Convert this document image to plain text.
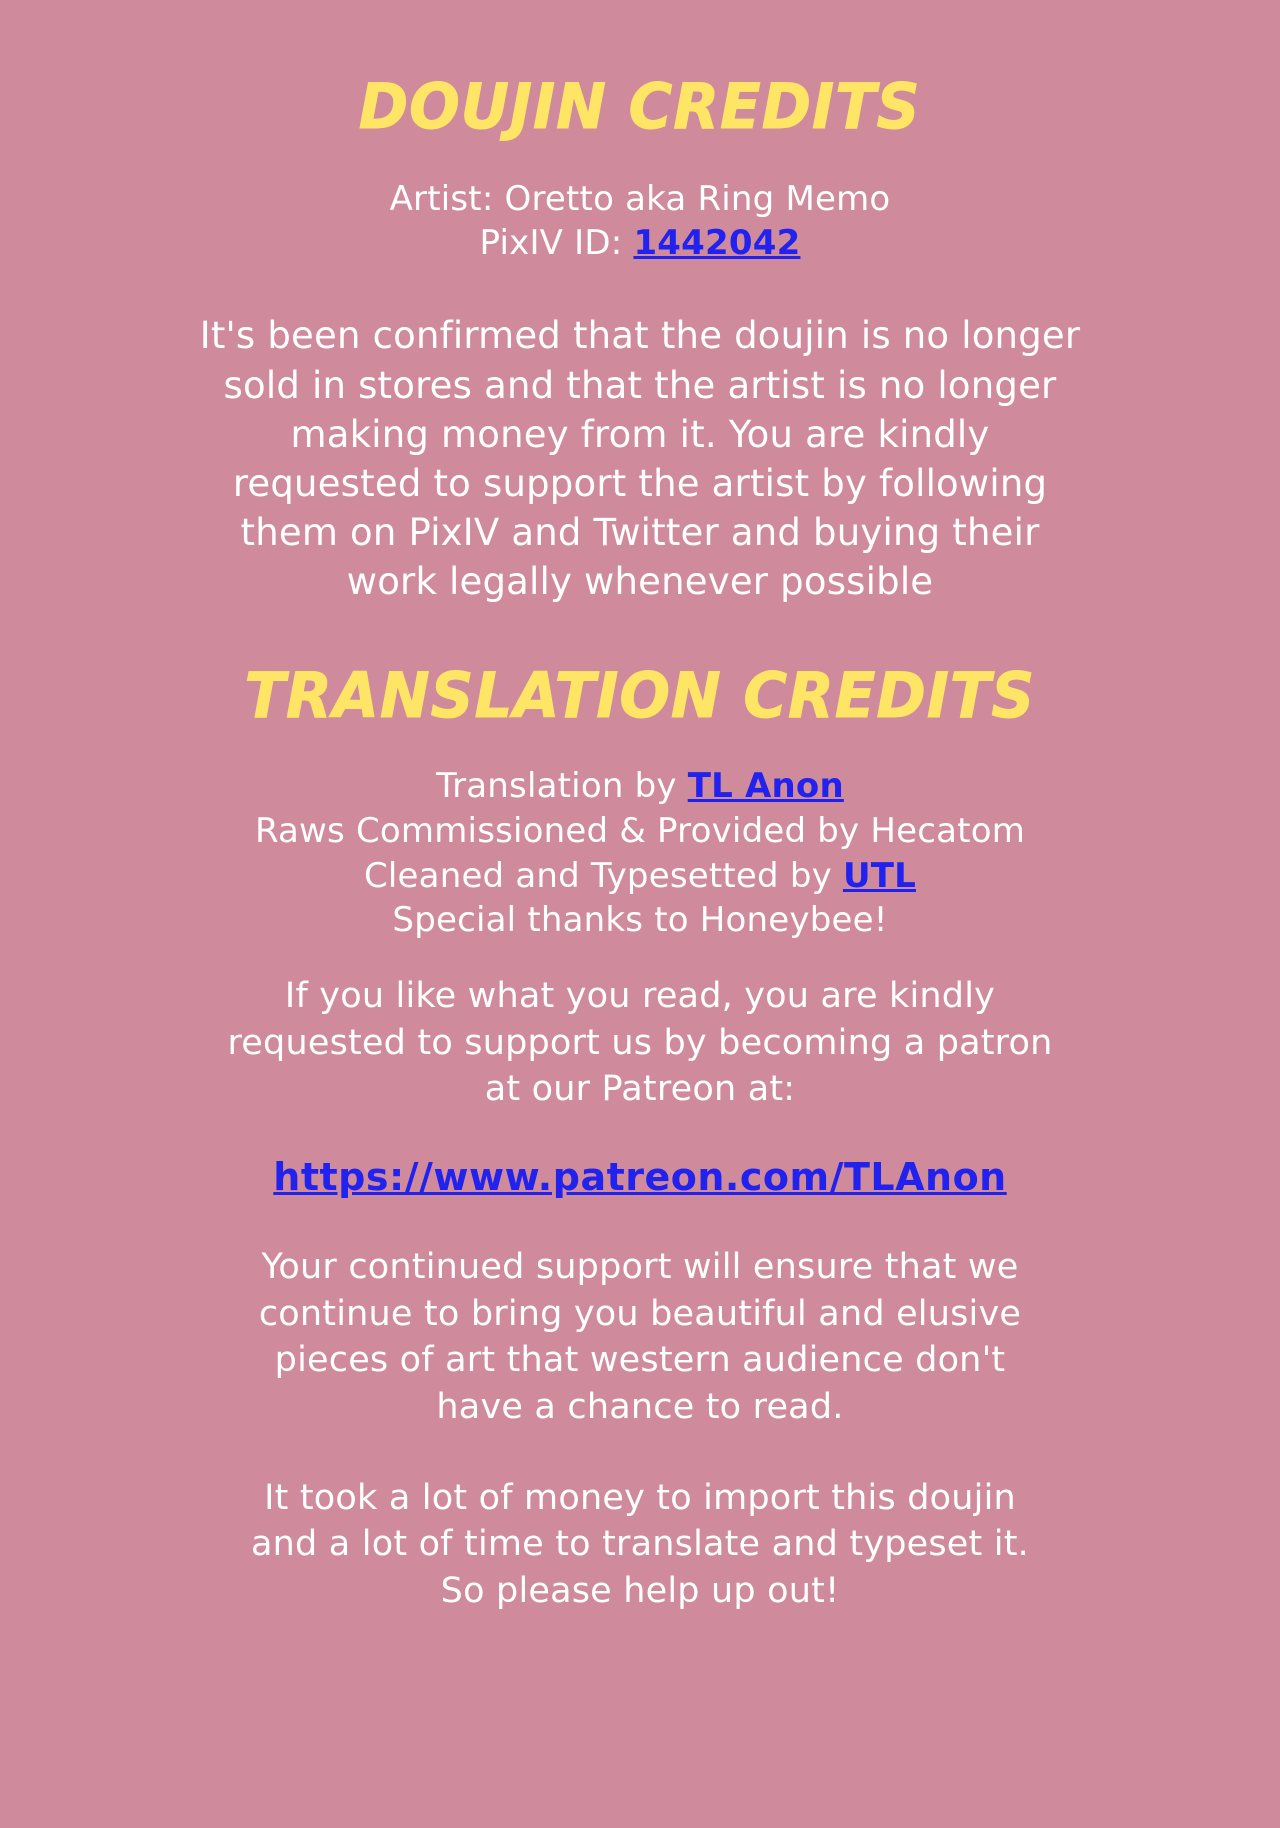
DOUJIN CREDITS
Artist: Oretto aka Ring Memo
PixIV ID: 1442042
It's been confirmed that the doujin is no longer
sold in stores and that the artist is no longer
making money from it. You are kindly
requested to support the artist by following
them on PixIV and Twitter and buying their
work legally whenever possible
TRANSLATION CREDITS
Translation by TL Anon
Raws Commissioned & Provided by Hecatom
Cleaned and Typesetted by UTL
Special thanks to Honeybee!
If you like what you read, you are kindly
requested to support us by becoming a patron
at our Patreon at:
https://www.patreon.com/TLAnon
Your continued support will ensure that we
continue to bring you beautiful and elusive
pieces of art that western audience don't
have a chance to read.
It took a lot of money to import this doujin
and a lot of time to translate and typeset it.
So please help up out!
